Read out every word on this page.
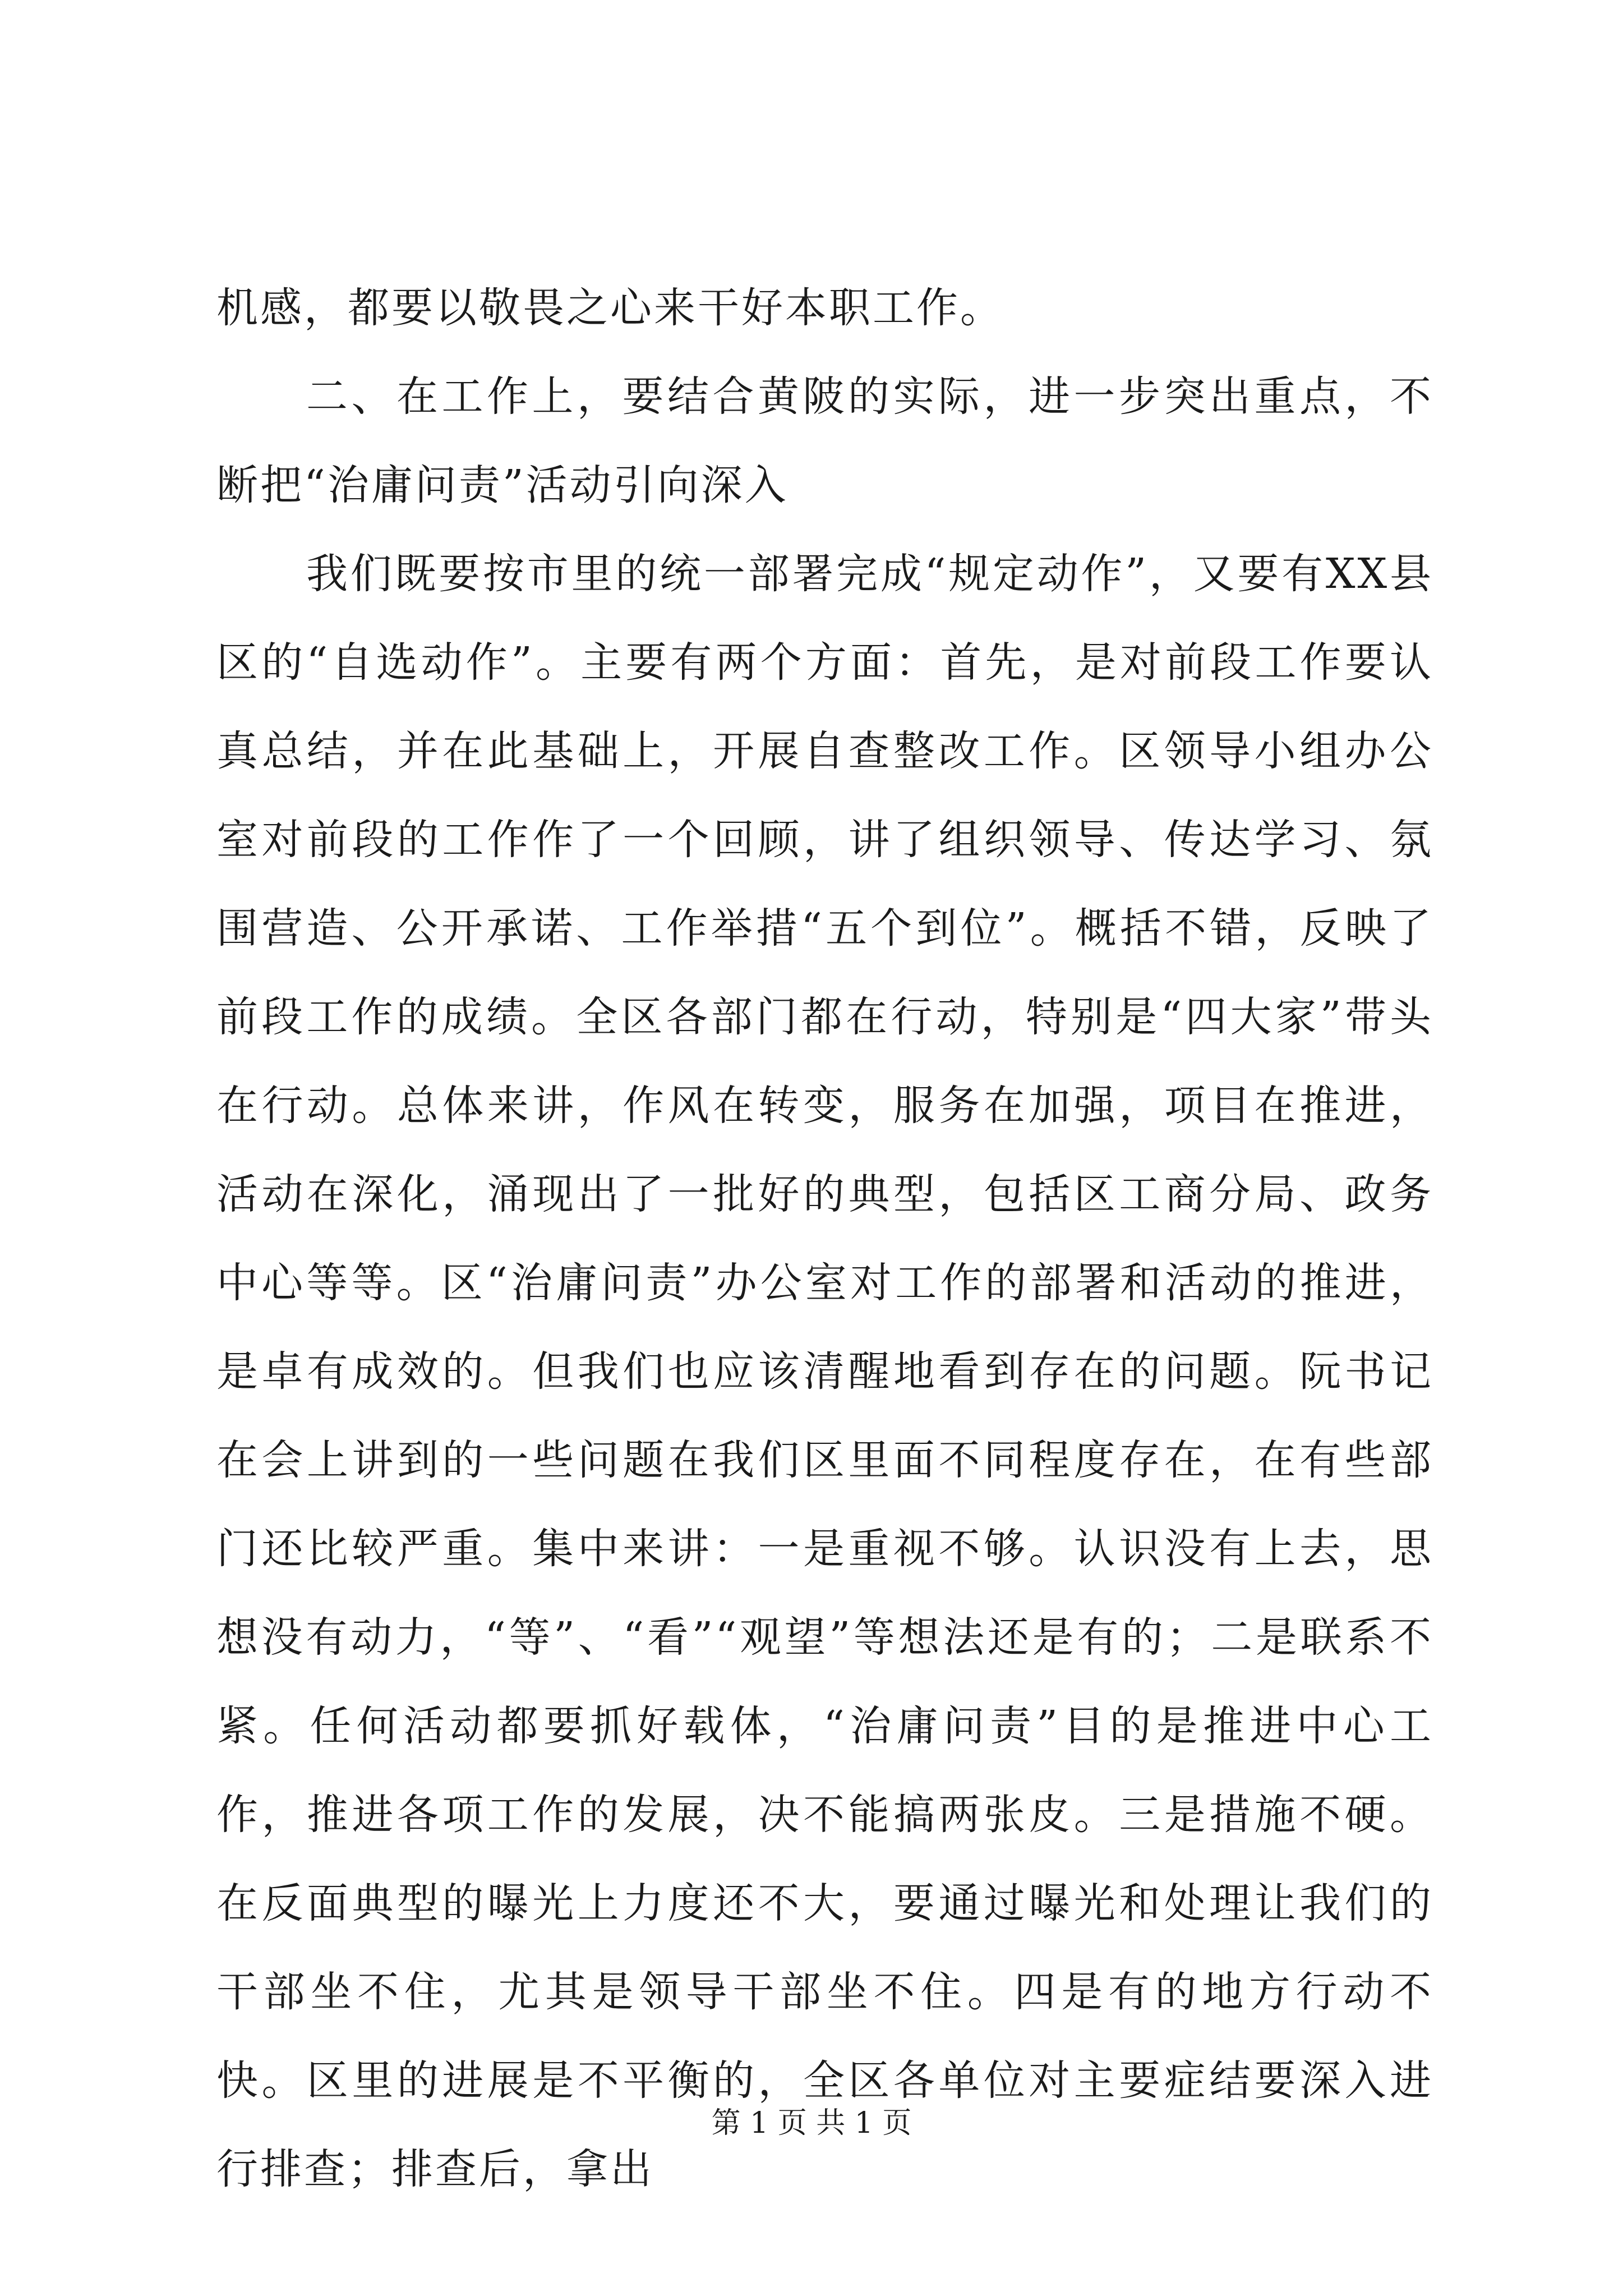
机感，都要以敬畏之心来干好本职工作。

二、在工作上，要结合黄陂的实际，进一步突出重点，不断把“治庸问责”活动引向深入

我们既要按市里的统一部署完成“规定动作”，又要有XX县区的“自选动作”。主要有两个方面：首先，是对前段工作要认真总结，并在此基础上，开展自查整改工作。区领导小组办公室对前段的工作作了一个回顾，讲了组织领导、传达学习、氛围营造、公开承诺、工作举措“五个到位”。概括不错，反映了前段工作的成绩。全区各部门都在行动，特别是“四大家”带头在行动。总体来讲，作风在转变，服务在加强，项目在推进，活动在深化，涌现出了一批好的典型，包括区工商分局、政务中心等等。区“治庸问责”办公室对工作的部署和活动的推进，是卓有成效的。但我们也应该清醒地看到存在的问题。阮书记在会上讲到的一些问题在我们区里面不同程度存在，在有些部门还比较严重。集中来讲：一是重视不够。认识没有上去，思想没有动力，“等”、“看”“观望”等想法还是有的；二是联系不紧。任何活动都要抓好载体，“治庸问责”目的是推进中心工作，推进各项工作的发展，决不能搞两张皮。三是措施不硬。在反面典型的曝光上力度还不大，要通过曝光和处理让我们的干部坐不住，尤其是领导干部坐不住。四是有的地方行动不快。区里的进展是不平衡的，全区各单位对主要症结要深入进行排查；排查后，拿出

第 1 页 共 1 页
